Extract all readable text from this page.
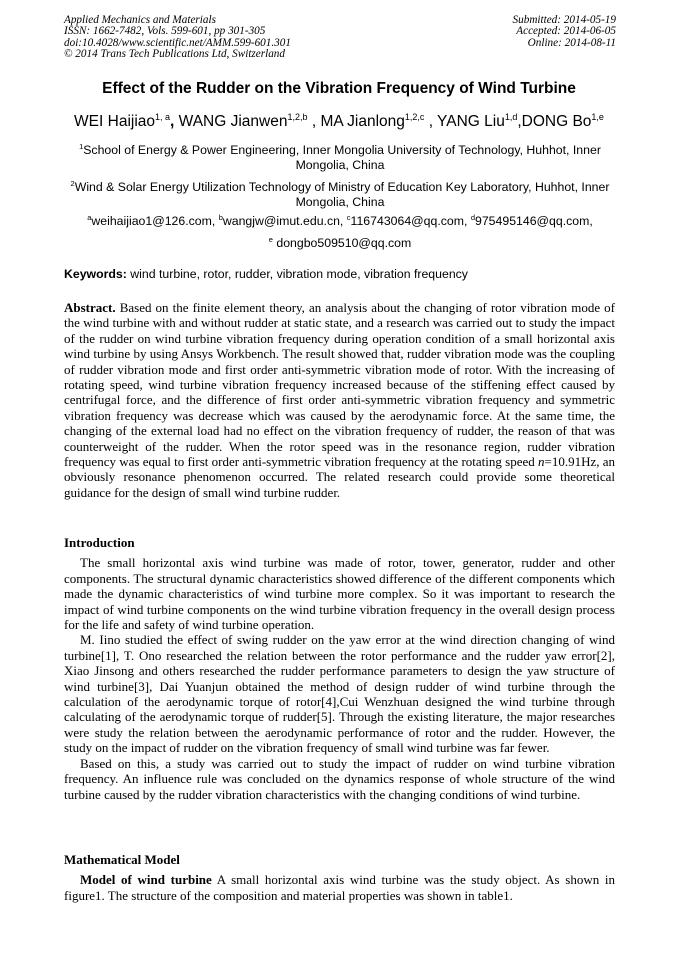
Applied Mechanics and Materials
ISSN: 1662-7482, Vols. 599-601, pp 301-305
doi:10.4028/www.scientific.net/AMM.599-601.301
© 2014 Trans Tech Publications Ltd, Switzerland
Submitted: 2014-05-19
Accepted: 2014-06-05
Online: 2014-08-11
Effect of the Rudder on the Vibration Frequency of Wind Turbine
WEI Haijiao$^{1, a}$, WANG Jianwen$^{1,2,b}$ , MA Jianlong$^{1,2,c}$ , YANG Liu$^{1,d}$,DONG Bo$^{1,e}$
$^1$School of Energy & Power Engineering, Inner Mongolia University of Technology, Huhhot, Inner Mongolia, China
$^2$Wind & Solar Energy Utilization Technology of Ministry of Education Key Laboratory, Huhhot, Inner Mongolia, China
$^a$weihaijiao1@126.com, $^b$wangjw@imut.edu.cn, $^c$116743064@qq.com, $^d$975495146@qq.com,
$^e$ dongbo509510@qq.com
Keywords: wind turbine, rotor, rudder, vibration mode, vibration frequency

Abstract. Based on the finite element theory, an analysis about the changing of rotor vibration mode of the wind turbine with and without rudder at static state, and a research was carried out to study the impact of the rudder on wind turbine vibration frequency during operation condition of a small horizontal axis wind turbine by using Ansys Workbench. The result showed that, rudder vibration mode was the coupling of rudder vibration mode and first order anti-symmetric vibration mode of rotor. With the increasing of rotating speed, wind turbine vibration frequency increased because of the stiffening effect caused by centrifugal force, and the difference of first order anti-symmetric vibration frequency and symmetric vibration frequency was decrease which was caused by the aerodynamic force. At the same time, the changing of the external load had no effect on the vibration frequency of rudder, the reason of that was counterweight of the rudder. When the rotor speed was in the resonance region, rudder vibration frequency was equal to first order anti-symmetric vibration frequency at the rotating speed n=10.91Hz, an obviously resonance phenomenon occurred. The related research could provide some theoretical guidance for the design of small wind turbine rudder.

Introduction

The small horizontal axis wind turbine was made of rotor, tower, generator, rudder and other components. The structural dynamic characteristics showed difference of the different components which made the dynamic characteristics of wind turbine more complex. So it was important to research the impact of wind turbine components on the wind turbine vibration frequency in the overall design process for the life and safety of wind turbine operation.

M. Iino studied the effect of swing rudder on the yaw error at the wind direction changing of wind turbine[1], T. Ono researched the relation between the rotor performance and the rudder yaw error[2], Xiao Jinsong and others researched the rudder performance parameters to design the yaw structure of wind turbine[3], Dai Yuanjun obtained the method of design rudder of wind turbine through the calculation of the aerodynamic torque of rotor[4],Cui Wenzhuan designed the wind turbine through calculating of the aerodynamic torque of rudder[5]. Through the existing literature, the major researches were study the relation between the aerodynamic performance of rotor and the rudder. However, the study on the impact of rudder on the vibration frequency of small wind turbine was far fewer.

Based on this, a study was carried out to study the impact of rudder on wind turbine vibration frequency. An influence rule was concluded on the dynamics response of whole structure of the wind turbine caused by the rudder vibration characteristics with the changing conditions of wind turbine.

Mathematical Model

Model of wind turbine A small horizontal axis wind turbine was the study object. As shown in figure1. The structure of the composition and material properties was shown in table1.
